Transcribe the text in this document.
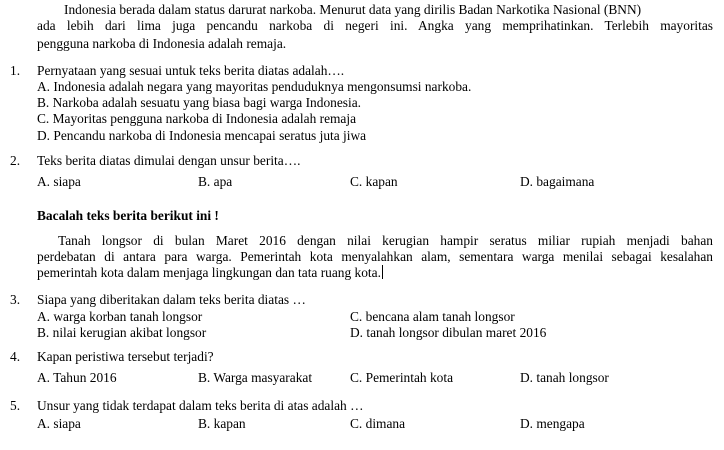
Indonesia berada dalam status darurat narkoba. Menurut data yang dirilis Badan Narkotika Nasional (BNN)
ada lebih dari lima juga pencandu narkoba di negeri ini. Angka yang memprihatinkan. Terlebih mayoritas
pengguna narkoba di Indonesia adalah remaja.
1. Pernyataan yang sesuai untuk teks berita diatas adalah….
A. Indonesia adalah negara yang mayoritas penduduknya mengonsumsi narkoba.
B. Narkoba adalah sesuatu yang biasa bagi warga Indonesia.
C. Mayoritas pengguna narkoba di Indonesia adalah remaja
D. Pencandu narkoba di Indonesia mencapai seratus juta jiwa
2. Teks berita diatas dimulai dengan unsur berita….
A. siapa	B. apa	C. kapan	D. bagaimana
Bacalah teks berita berikut ini !
Tanah longsor di bulan Maret 2016 dengan nilai kerugian hampir seratus miliar rupiah menjadi bahan
perdebatan di antara para warga. Pemerintah kota menyalahkan alam, sementara warga menilai sebagai kesalahan
pemerintah kota dalam menjaga lingkungan dan tata ruang kota.
3. Siapa yang diberitakan dalam teks berita diatas …
A. warga korban tanah longsor	C. bencana alam tanah longsor
B. nilai kerugian akibat longsor	D. tanah longsor dibulan maret 2016
4. Kapan peristiwa tersebut terjadi?
A. Tahun 2016	B. Warga masyarakat	C. Pemerintah kota	D. tanah longsor
5. Unsur yang tidak terdapat dalam teks berita di atas adalah …
A. siapa	B. kapan	C. dimana	D. mengapa
